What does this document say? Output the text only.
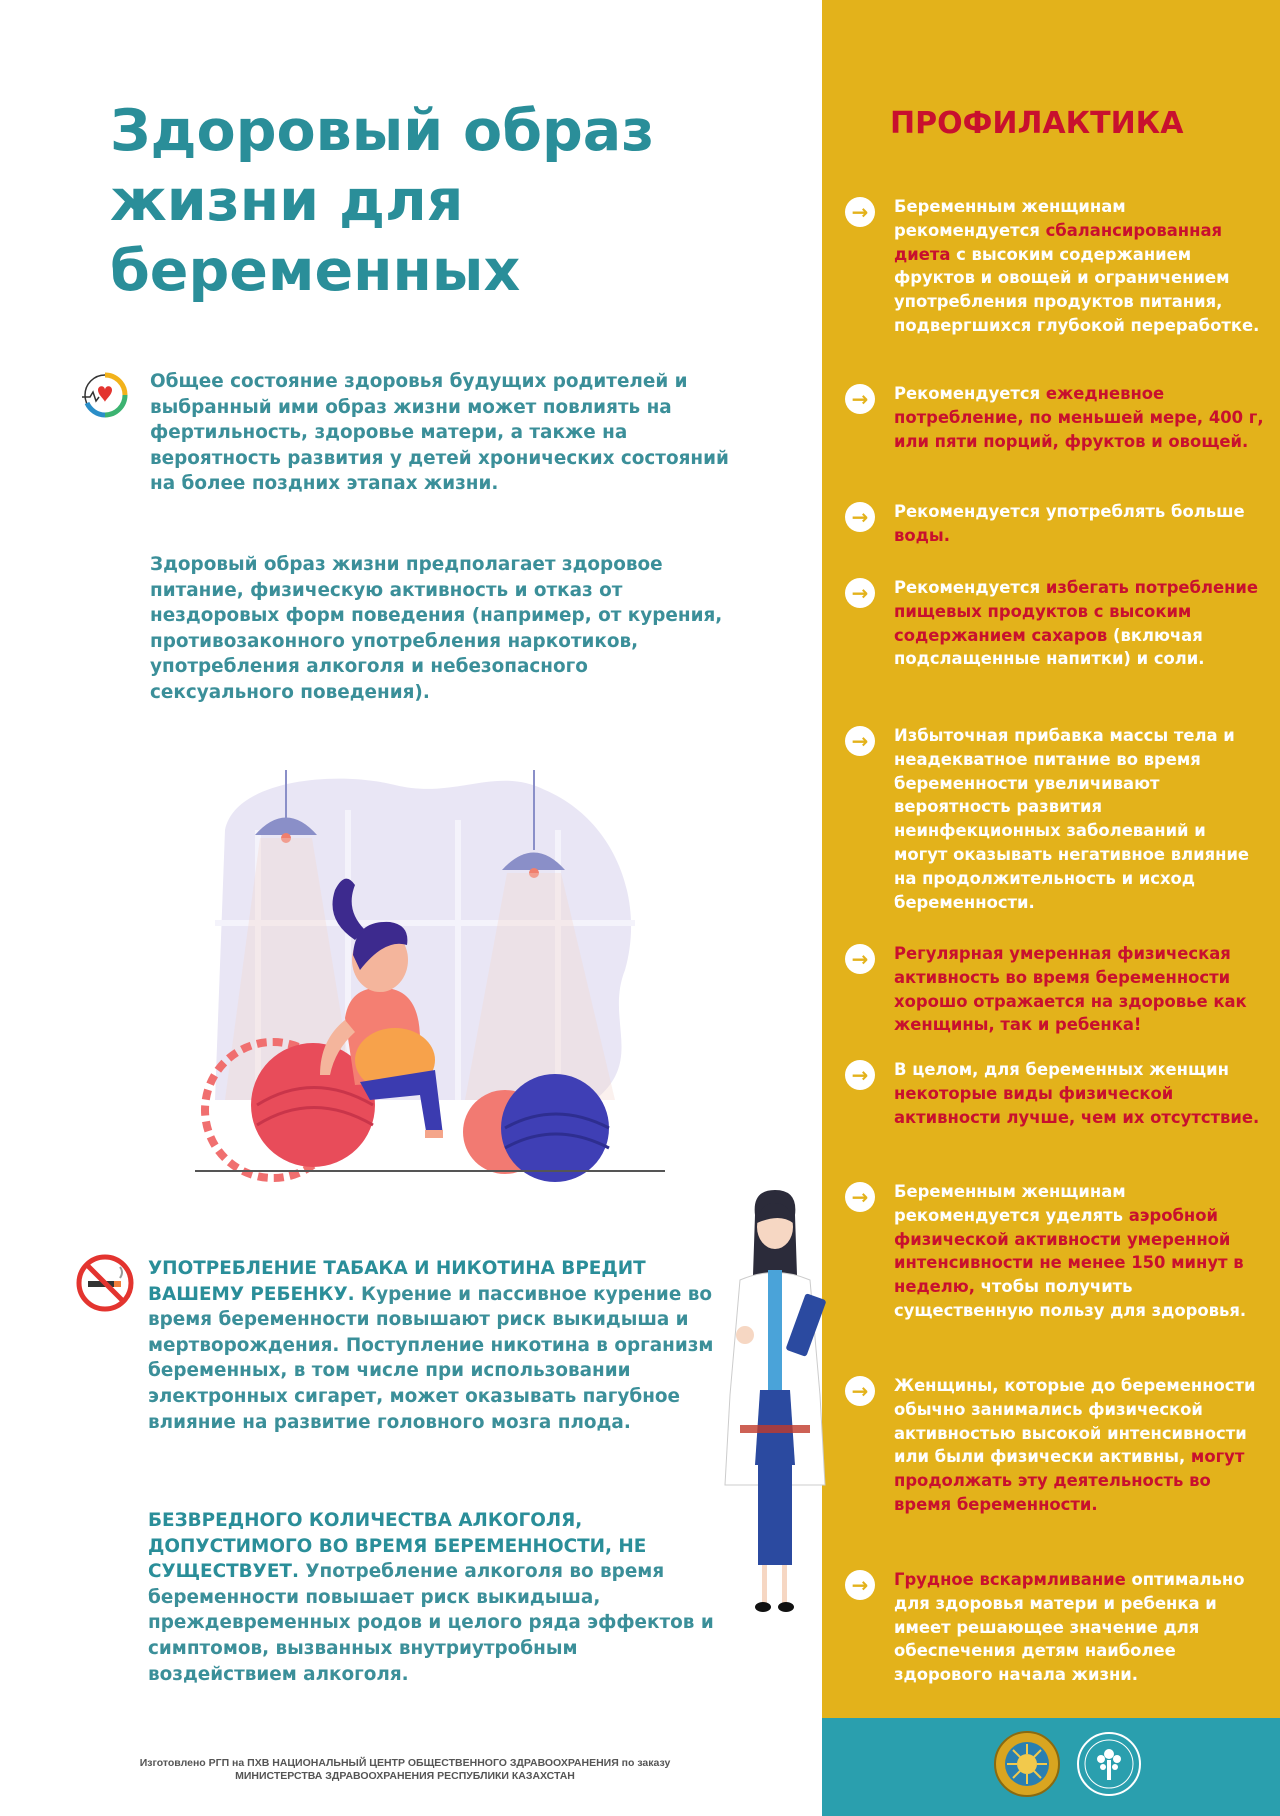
Здоровый образ жизни для беременных

Общее состояние здоровья будущих родителей и выбранный ими образ жизни может повлиять на фертильность, здоровье матери, а также на вероятность развития у детей хронических состояний на более поздних этапах жизни.

Здоровый образ жизни предполагает здоровое питание, физическую активность и отказ от нездоровых форм поведения (например, от курения, противозаконного употребления наркотиков, употребления алкоголя и небезопасного сексуального поведения).

УПОТРЕБЛЕНИЕ ТАБАКА И НИКОТИНА ВРЕДИТ ВАШЕМУ РЕБЕНКУ. Курение и пассивное курение во время беременности повышают риск выкидыша и мертворождения. Поступление никотина в организм беременных, в том числе при использовании электронных сигарет, может оказывать пагубное влияние на развитие головного мозга плода.

БЕЗВРЕДНОГО КОЛИЧЕСТВА АЛКОГОЛЯ, ДОПУСТИМОГО ВО ВРЕМЯ БЕРЕМЕННОСТИ, НЕ СУЩЕСТВУЕТ. Употребление алкоголя во время беременности повышает риск выкидыша, преждевременных родов и целого ряда эффектов и симптомов, вызванных внутриутробным воздействием алкоголя.

ПРОФИЛАКТИКА
→	Беременным женщинам рекомендуется сбалансированная диета с высоким содержанием фруктов и овощей и ограничением употребления продуктов питания, подвергшихся глубокой переработке.

→	Рекомендуется ежедневное потребление, по меньшей мере, 400 г, или пяти порций, фруктов и овощей.

→	Рекомендуется употреблять больше воды.

→	Рекомендуется избегать потребление пищевых продуктов с высоким содержанием сахаров (включая подслащенные напитки) и соли.

→	Избыточная прибавка массы тела и неадекватное питание во время беременности увеличивают вероятность развития неинфекционных заболеваний и могут оказывать негативное влияние на продолжительность и исход беременности.

→	Регулярная умеренная физическая активность во время беременности хорошо отражается на здоровье как женщины, так и ребенка!

→	В целом, для беременных женщин некоторые виды физической активности лучше, чем их отсутствие.

→	Беременным женщинам рекомендуется уделять аэробной физической активности умеренной интенсивности не менее 150 минут в неделю, чтобы получить существенную пользу для здоровья.

→	Женщины, которые до беременности обычно занимались физической активностью высокой интенсивности или были физически активны, могут продолжать эту деятельность во время беременности.

→	Грудное вскармливание оптимально для здоровья матери и ребенка и имеет решающее значение для обеспечения детям наиболее здорового начала жизни.

Изготовлено РГП на ПХВ НАЦИОНАЛЬНЫЙ ЦЕНТР ОБЩЕСТВЕННОГО ЗДРАВООХРАНЕНИЯ по заказу
МИНИСТЕРСТВА ЗДРАВООХРАНЕНИЯ РЕСПУБЛИКИ КАЗАХСТАН
